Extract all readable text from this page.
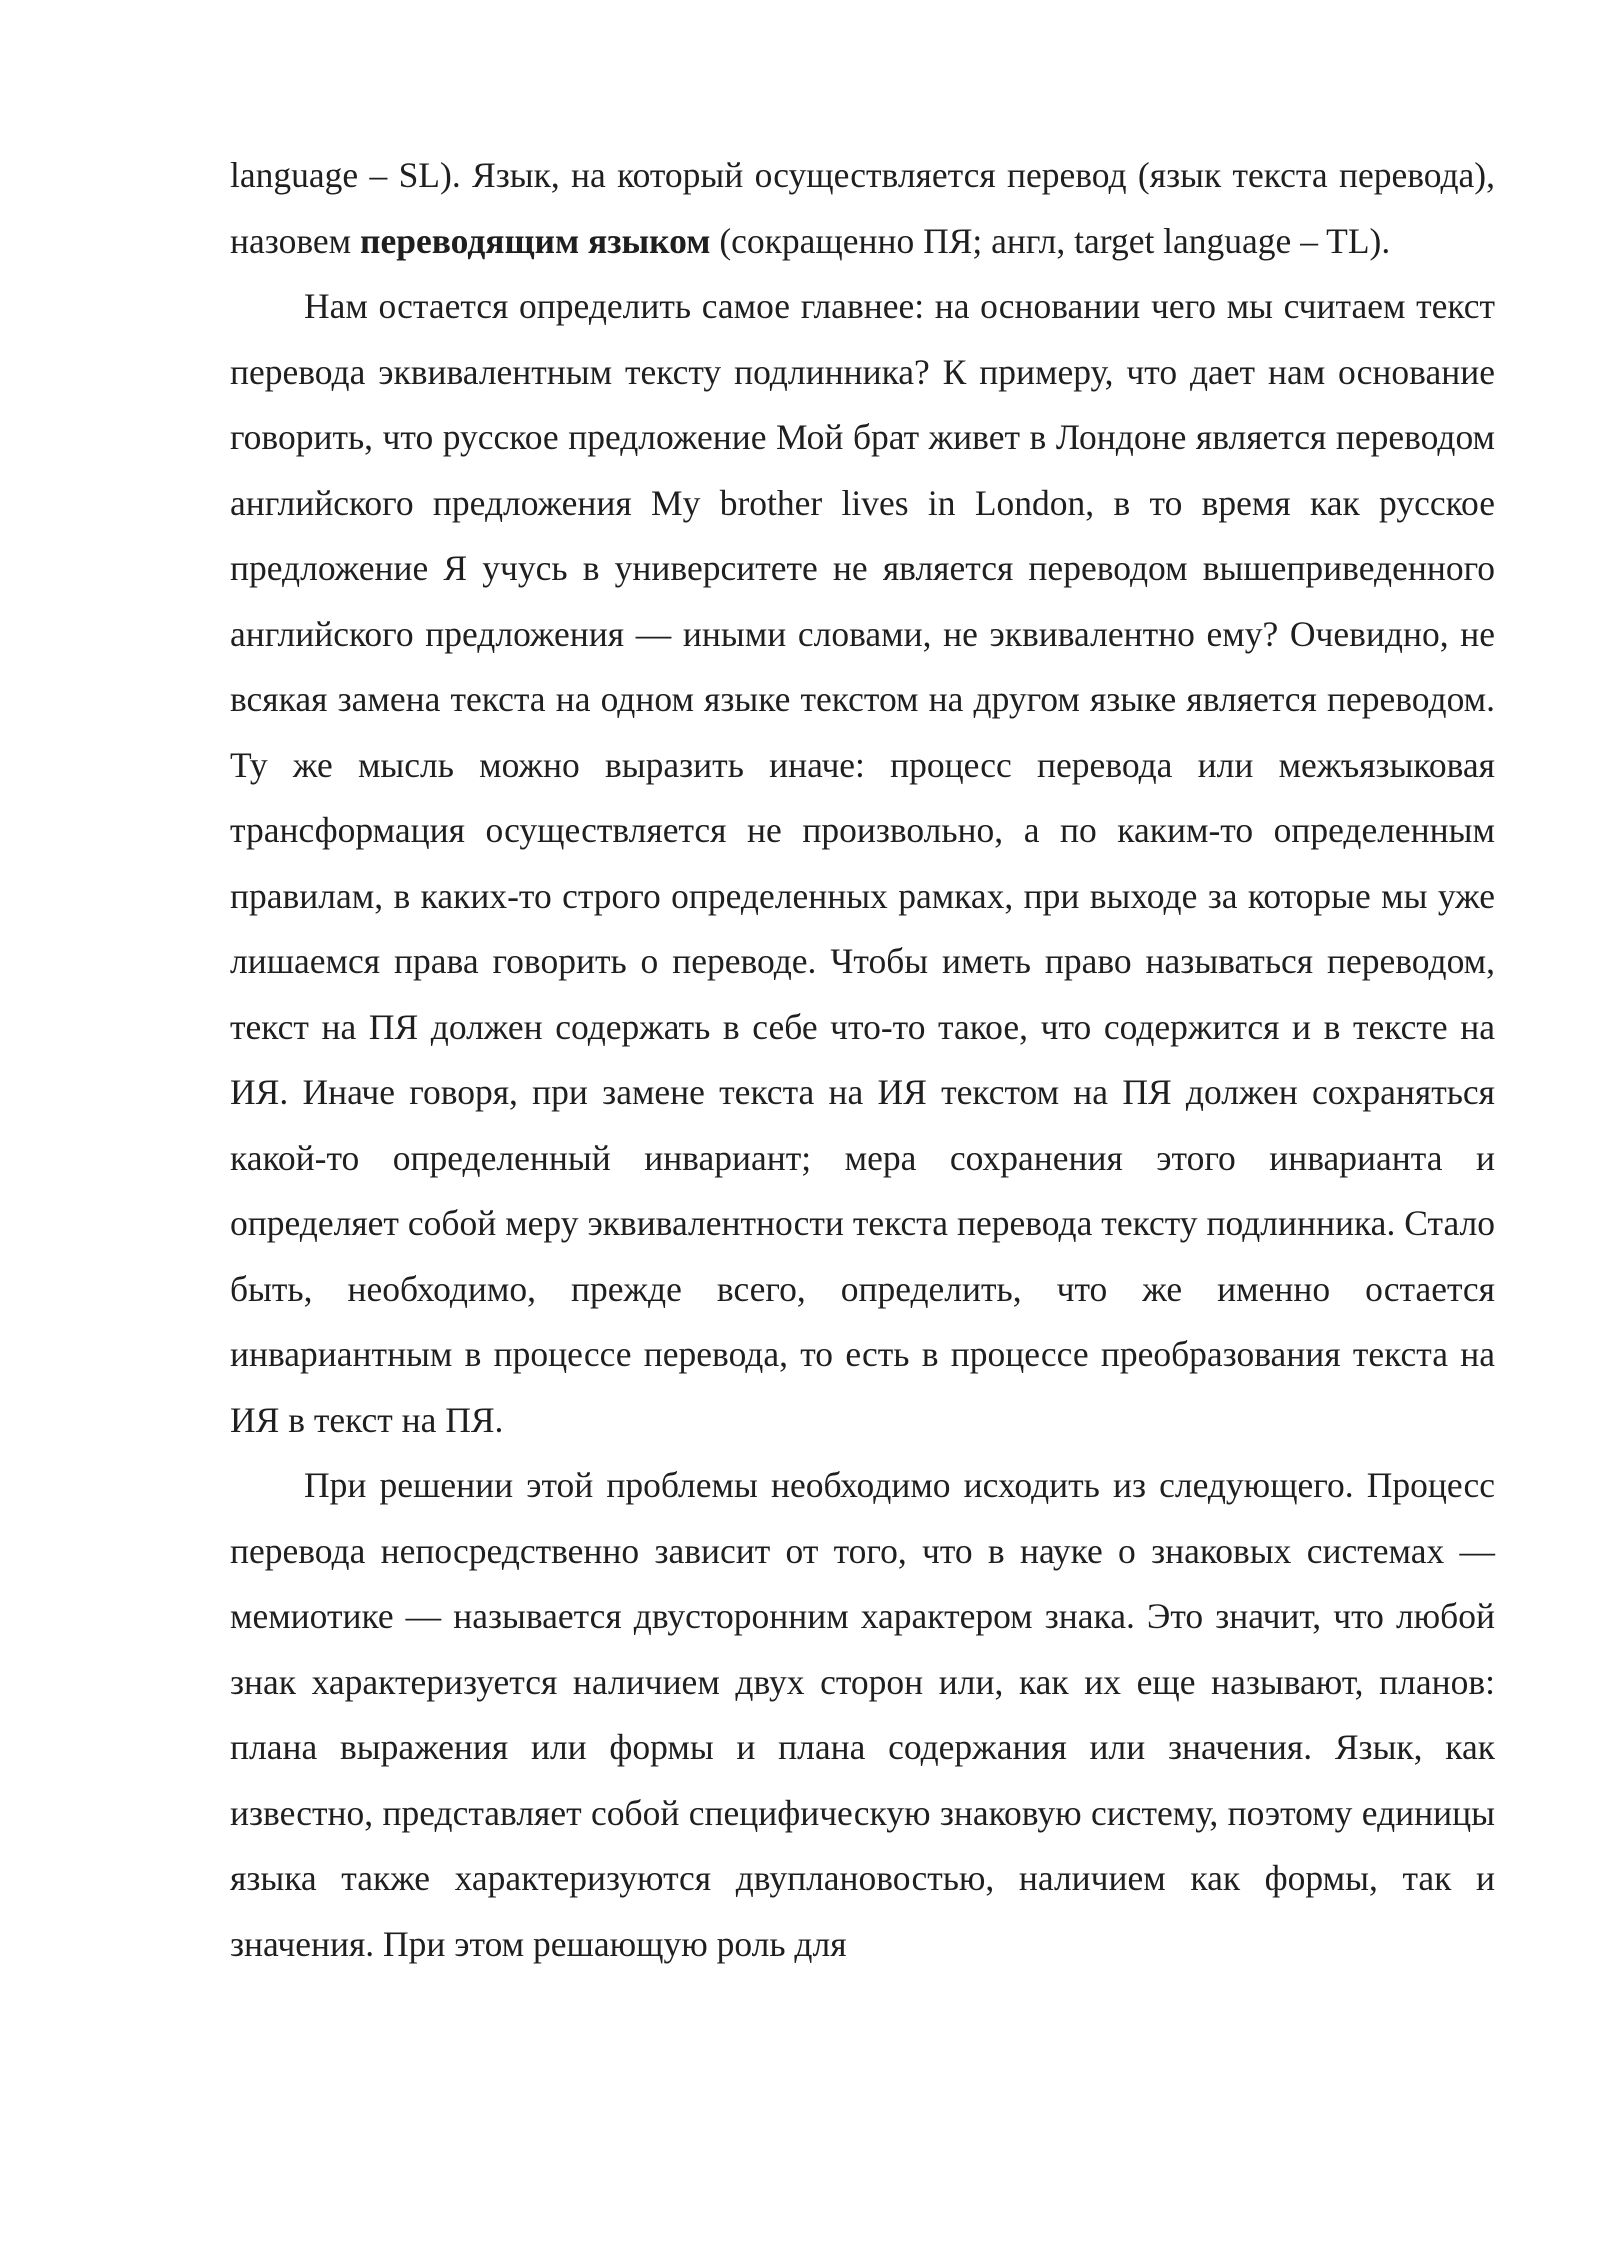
language – SL). Язык, на который осуществляется перевод (язык текста перевода), назовем переводящим языком (сокращенно ПЯ; англ, target language – TL).

Нам остается определить самое главнее: на основании чего мы считаем текст перевода эквивалентным тексту подлинника? К примеру, что дает нам основание говорить, что русское предложение Мой брат живет в Лондоне является переводом английского предложения My brother lives in London, в то время как русское предложение Я учусь в университете не является переводом вышеприведенного английского предложения — иными словами, не эквивалентно ему? Очевидно, не всякая замена текста на одном языке текстом на другом языке является переводом. Ту же мысль можно выразить иначе: процесс перевода или межъязыковая трансформация осуществляется не произвольно, а по каким-то определенным правилам, в каких-то строго определенных рамках, при выходе за которые мы уже лишаемся права говорить о переводе. Чтобы иметь право называться переводом, текст на ПЯ должен содержать в себе что-то такое, что содержится и в тексте на ИЯ. Иначе говоря, при замене текста на ИЯ текстом на ПЯ должен сохраняться какой-то определенный инвариант; мера сохранения этого инварианта и определяет собой меру эквивалентности текста перевода тексту подлинника. Стало быть, необходимо, прежде всего, определить, что же именно остается инвариантным в процессе перевода, то есть в процессе преобразования текста на ИЯ в текст на ПЯ.

При решении этой проблемы необходимо исходить из следующего. Процесс перевода непосредственно зависит от того, что в науке о знаковых системах — мемиотике — называется двусторонним характером знака. Это значит, что любой знак характеризуется наличием двух сторон или, как их еще называют, планов: плана выражения или формы и плана содержания или значения. Язык, как известно, представляет собой специфическую знаковую систему, поэтому единицы языка также характеризуются двуплановостью, наличием как формы, так и значения. При этом решающую роль для
